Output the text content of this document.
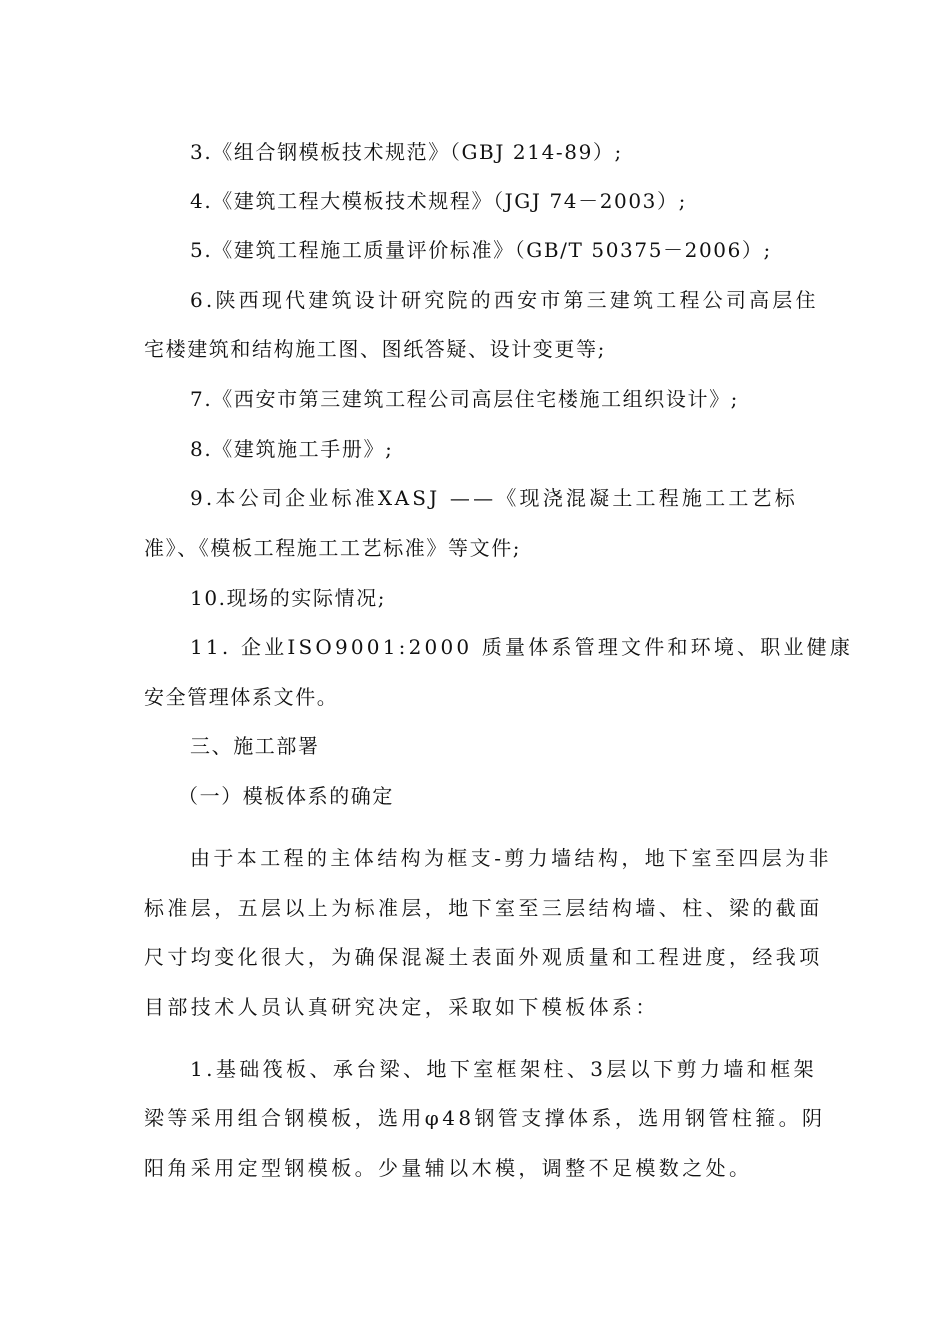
3.《组合钢模板技术规范》（GBJ 214-89）;
4.《建筑工程大模板技术规程》（JGJ 74－2003）;
5.《建筑工程施工质量评价标准》（GB/T 50375－2006）;
6.陕西现代建筑设计研究院的西安市第三建筑工程公司高层住
宅楼建筑和结构施工图、图纸答疑、设计变更等;
7.《西安市第三建筑工程公司高层住宅楼施工组织设计》;
8.《建筑施工手册》;
9.本公司企业标准XASJ ——《现浇混凝土工程施工工艺标
准》、《模板工程施工工艺标准》等文件;
10.现场的实际情况;
11. 企业ISO9001:2000 质量体系管理文件和环境、职业健康
安全管理体系文件。
三、施工部署
（一）模板体系的确定
由于本工程的主体结构为框支-剪力墙结构，地下室至四层为非
标准层，五层以上为标准层，地下室至三层结构墙、柱、梁的截面
尺寸均变化很大，为确保混凝土表面外观质量和工程进度，经我项
目部技术人员认真研究决定，采取如下模板体系：
1.基础筏板、承台梁、地下室框架柱、3层以下剪力墙和框架
梁等采用组合钢模板，选用φ48钢管支撑体系，选用钢管柱箍。阴
阳角采用定型钢模板。少量辅以木模，调整不足模数之处。
